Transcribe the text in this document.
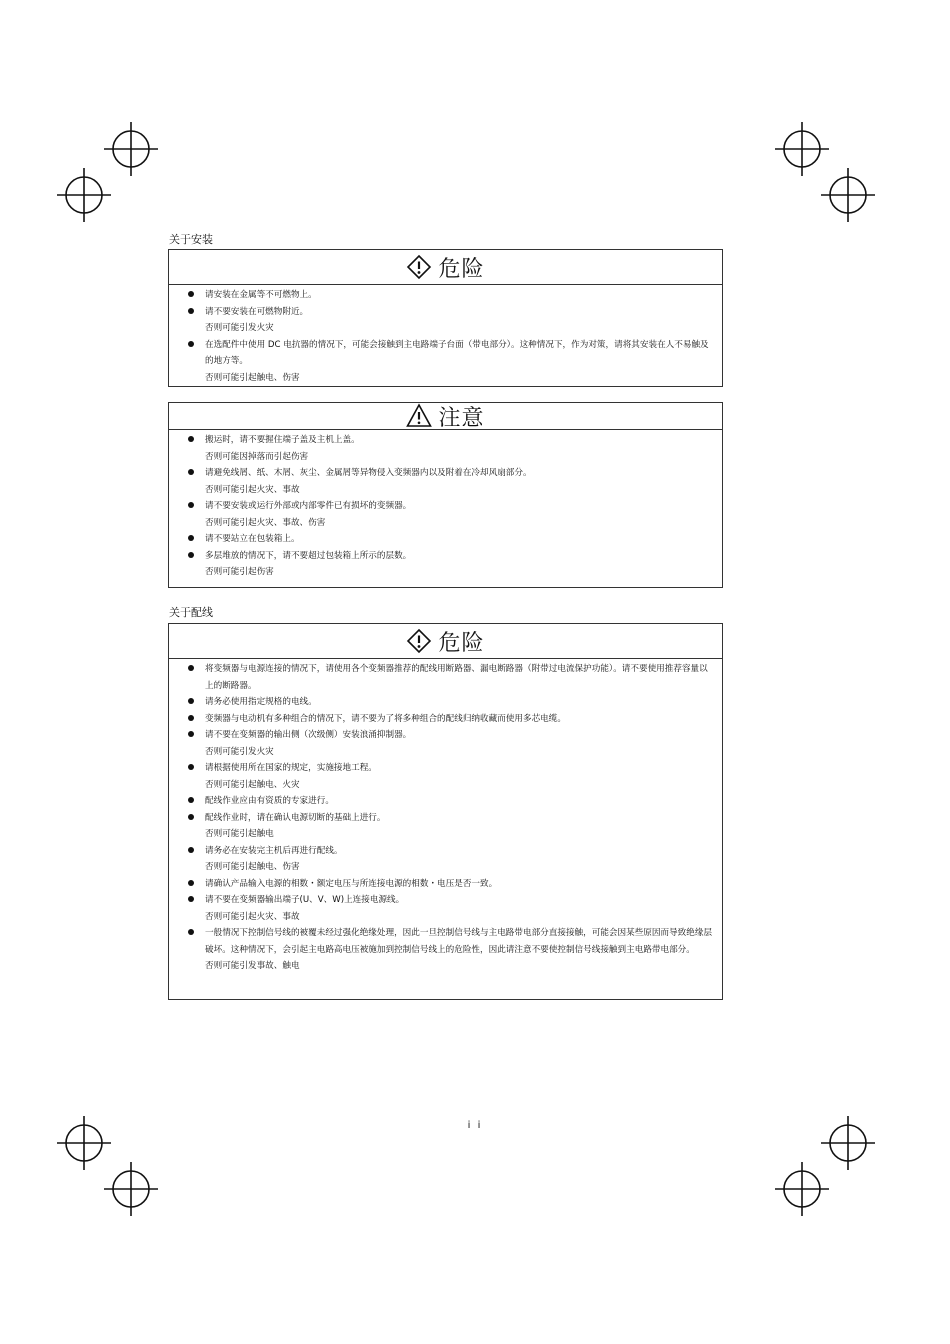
关于安装
危险
请安装在金属等不可燃物上。
请不要安装在可燃物附近。
否则可能引发火灾
在选配件中使用 DC 电抗器的情况下，可能会接触到主电路端子台面（带电部分）。这种情况下，作为对策，请将其安装在人不易触及的地方等。
否则可能引起触电、伤害
注意
搬运时，请不要握住端子盖及主机上盖。
否则可能因掉落而引起伤害
请避免线屑、纸、木屑、灰尘、金属屑等异物侵入变频器内以及附着在冷却风扇部分。
否则可能引起火灾、事故
请不要安装或运行外部或内部零件已有损坏的变频器。
否则可能引起火灾、事故、伤害
请不要站立在包装箱上。
多层堆放的情况下，请不要超过包装箱上所示的层数。
否则可能引起伤害
关于配线
危险
将变频器与电源连接的情况下，请使用各个变频器推荐的配线用断路器、漏电断路器（附带过电流保护功能）。请不要使用推荐容量以上的断路器。
请务必使用指定规格的电线。
变频器与电动机有多种组合的情况下，请不要为了将多种组合的配线归纳收藏而使用多芯电缆。
请不要在变频器的输出侧（次级侧）安装浪涌抑制器。
否则可能引发火灾
请根据使用所在国家的规定，实施接地工程。
否则可能引起触电、火灾
配线作业应由有资质的专家进行。
配线作业时，请在确认电源切断的基础上进行。
否则可能引起触电
请务必在安装完主机后再进行配线。
否则可能引起触电、伤害
请确认产品输入电源的相数・额定电压与所连接电源的相数・电压是否一致。
请不要在变频器输出端子(U、V、W)上连接电源线。
否则可能引起火灾、事故
一般情况下控制信号线的被覆未经过强化绝缘处理，因此一旦控制信号线与主电路带电部分直接接触，可能会因某些原因而导致绝缘层破坏。这种情况下，会引起主电路高电压被施加到控制信号线上的危险性，因此请注意不要使控制信号线接触到主电路带电部分。
否则可能引发事故、触电
i i
